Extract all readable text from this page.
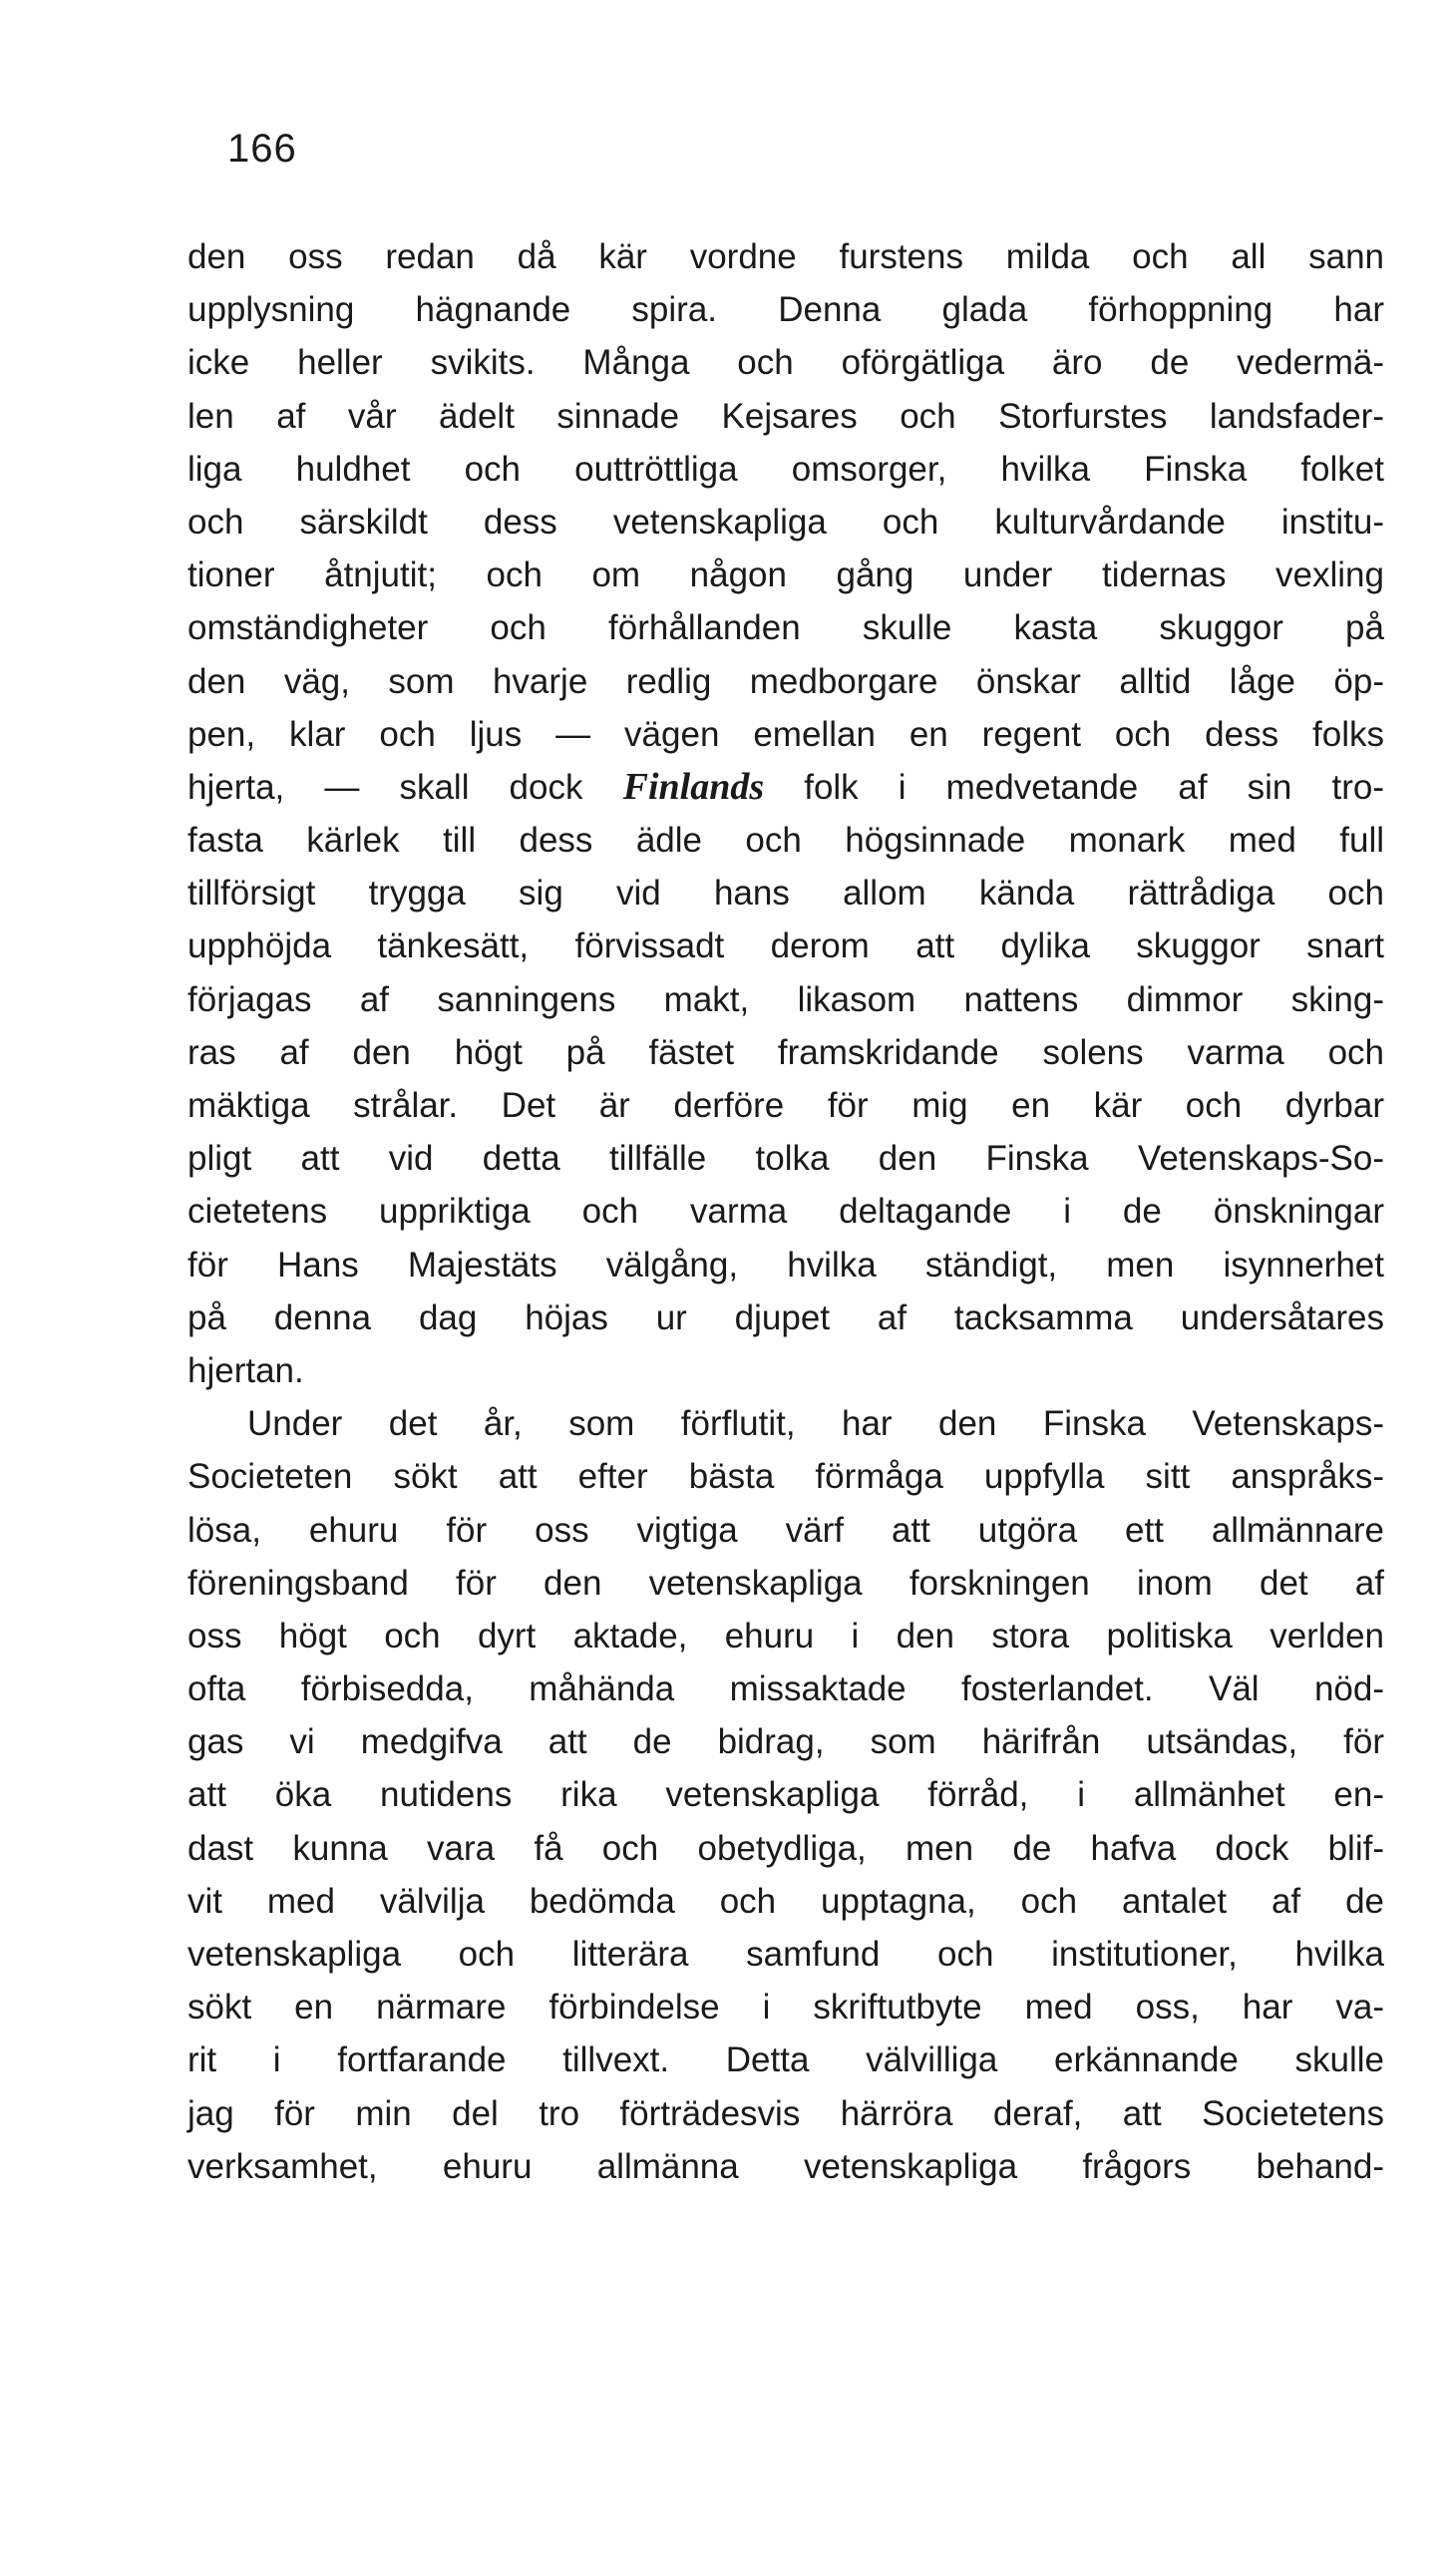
166
den oss redan då kär vordne furstens milda och all sann
upplysning hägnande spira. Denna glada förhoppning har
icke heller svikits. Många och oförgätliga äro de vedermä-
len af vår ädelt sinnade Kejsares och Storfurstes landsfader-
liga huldhet och outtröttliga omsorger, hvilka Finska folket
och särskildt dess vetenskapliga och kulturvårdande institu-
tioner åtnjutit; och om någon gång under tidernas vexling
omständigheter och förhållanden skulle kasta skuggor på
den väg, som hvarje redlig medborgare önskar alltid låge öp-
pen, klar och ljus — vägen emellan en regent och dess folks
hjerta, — skall dock Finlands folk i medvetande af sin tro-
fasta kärlek till dess ädle och högsinnade monark med full
tillförsigt trygga sig vid hans allom kända rättrådiga och
upphöjda tänkesätt, förvissadt derom att dylika skuggor snart
förjagas af sanningens makt, likasom nattens dimmor sking-
ras af den högt på fästet framskridande solens varma och
mäktiga strålar. Det är derföre för mig en kär och dyrbar
pligt att vid detta tillfälle tolka den Finska Vetenskaps-So-
cietetens uppriktiga och varma deltagande i de önskningar
för Hans Majestäts välgång, hvilka ständigt, men isynnerhet
på denna dag höjas ur djupet af tacksamma undersåtares
hjertan.
Under det år, som förflutit, har den Finska Vetenskaps-
Societeten sökt att efter bästa förmåga uppfylla sitt anspråks-
lösa, ehuru för oss vigtiga värf att utgöra ett allmännare
föreningsband för den vetenskapliga forskningen inom det af
oss högt och dyrt aktade, ehuru i den stora politiska verlden
ofta förbisedda, måhända missaktade fosterlandet. Väl nöd-
gas vi medgifva att de bidrag, som härifrån utsändas, för
att öka nutidens rika vetenskapliga förråd, i allmänhet en-
dast kunna vara få och obetydliga, men de hafva dock blif-
vit med välvilja bedömda och upptagna, och antalet af de
vetenskapliga och litterära samfund och institutioner, hvilka
sökt en närmare förbindelse i skriftutbyte med oss, har va-
rit i fortfarande tillvext. Detta välvilliga erkännande skulle
jag för min del tro förträdesvis härröra deraf, att Societetens
verksamhet, ehuru allmänna vetenskapliga frågors behand-
